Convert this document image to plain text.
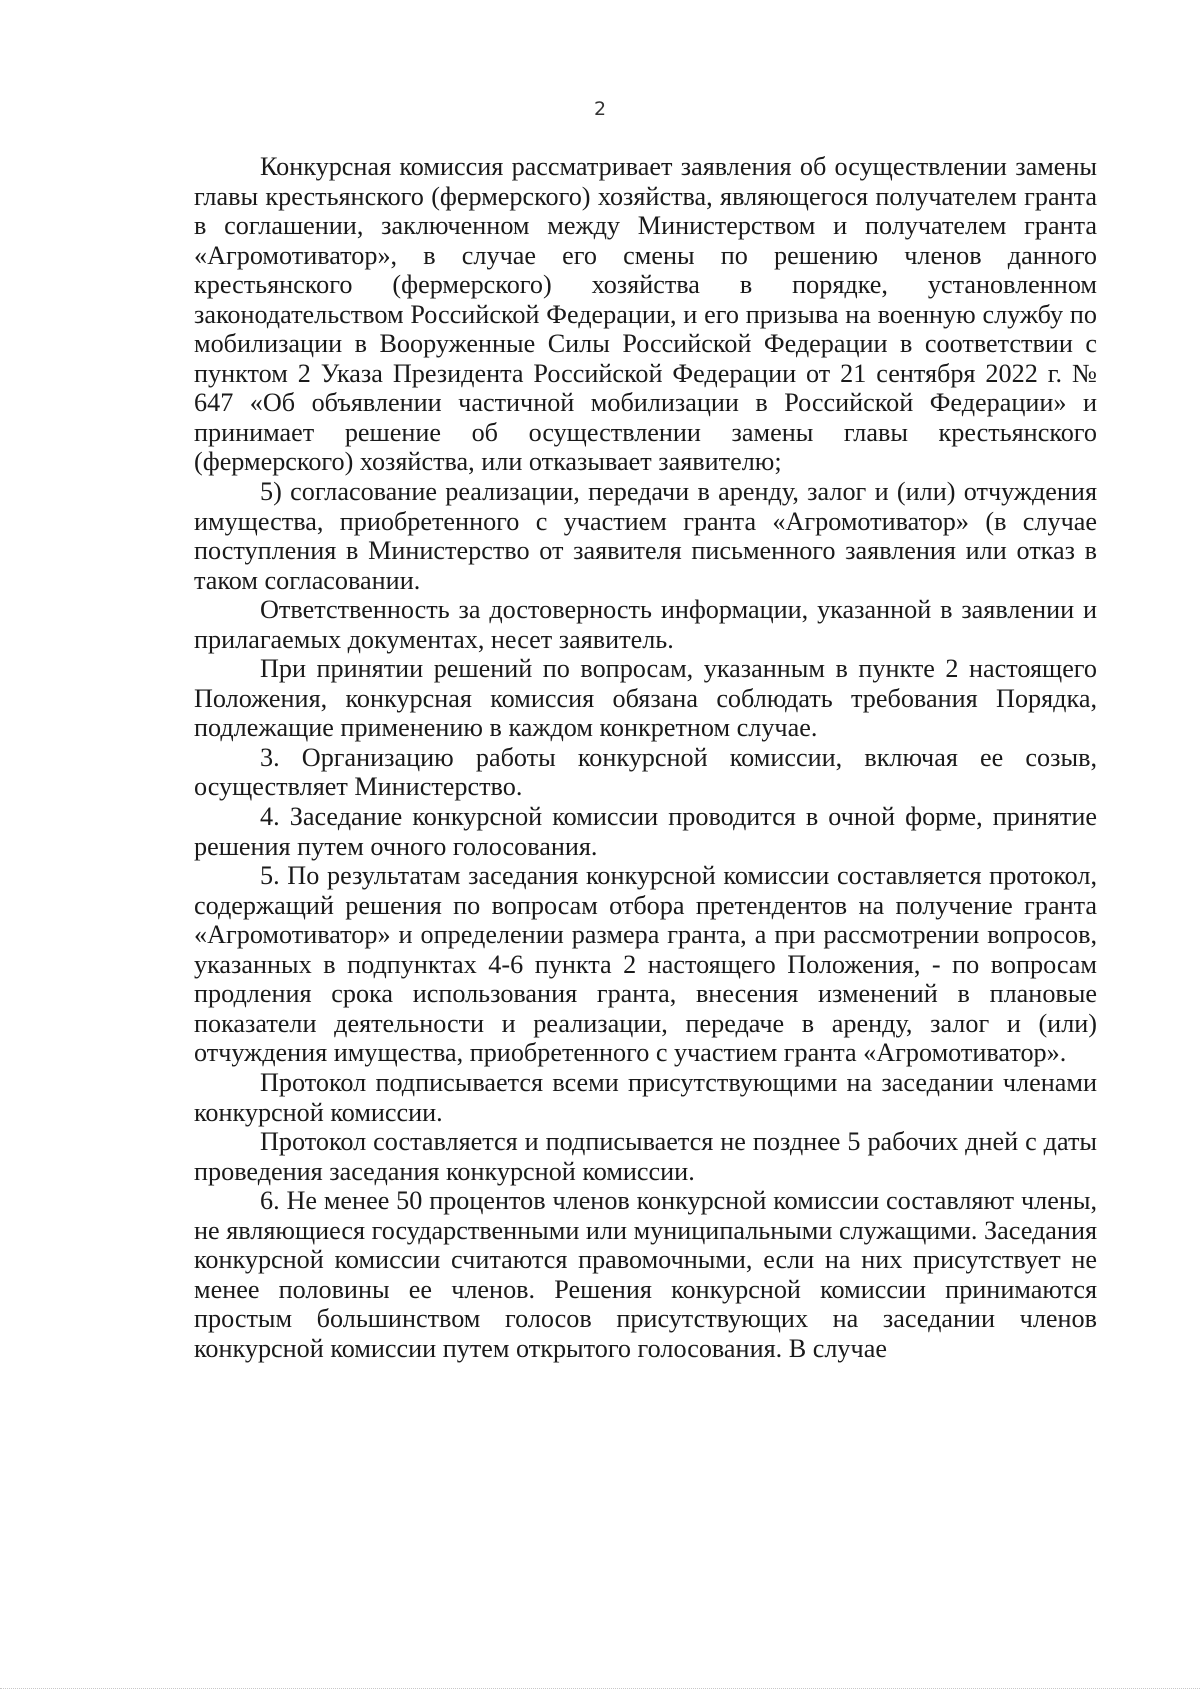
2

Конкурсная комиссия рассматривает заявления об осуществлении замены главы крестьянского (фермерского) хозяйства, являющегося получателем гранта в соглашении, заключенном между Министерством и получателем гранта «Агромотиватор», в случае его смены по решению членов данного крестьянского (фермерского) хозяйства в порядке, установленном законодательством Российской Федерации, и его призыва на военную службу по мобилизации в Вооруженные Силы Российской Федерации в соответствии с пунктом 2 Указа Президента Российской Федерации от 21 сентября 2022 г. № 647 «Об объявлении частичной мобилизации в Российской Федерации» и принимает решение об осуществлении замены главы крестьянского (фермерского) хозяйства, или отказывает заявителю;

5) согласование реализации, передачи в аренду, залог и (или) отчуждения имущества, приобретенного с участием гранта «Агромотиватор» (в случае поступления в Министерство от заявителя письменного заявления или отказ в таком согласовании.

Ответственность за достоверность информации, указанной в заявлении и прилагаемых документах, несет заявитель.

При принятии решений по вопросам, указанным в пункте 2 настоящего Положения, конкурсная комиссия обязана соблюдать требования Порядка, подлежащие применению в каждом конкретном случае.

3. Организацию работы конкурсной комиссии, включая ее созыв, осуществляет Министерство.

4. Заседание конкурсной комиссии проводится в очной форме, принятие решения путем очного голосования.

5. По результатам заседания конкурсной комиссии составляется протокол, содержащий решения по вопросам отбора претендентов на получение гранта «Агромотиватор» и определении размера гранта, а при рассмотрении вопросов, указанных в подпунктах 4-6 пункта 2 настоящего Положения, - по вопросам продления срока использования гранта, внесения изменений в плановые показатели деятельности и реализации, передаче в аренду, залог и (или) отчуждения имущества, приобретенного с участием гранта «Агромотиватор».

Протокол подписывается всеми присутствующими на заседании членами конкурсной комиссии.

Протокол составляется и подписывается не позднее 5 рабочих дней с даты проведения заседания конкурсной комиссии.

6. Не менее 50 процентов членов конкурсной комиссии составляют члены, не являющиеся государственными или муниципальными служащими. Заседания конкурсной комиссии считаются правомочными, если на них присутствует не менее половины ее членов. Решения конкурсной комиссии принимаются простым большинством голосов присутствующих на заседании членов конкурсной комиссии путем открытого голосования. В случае
